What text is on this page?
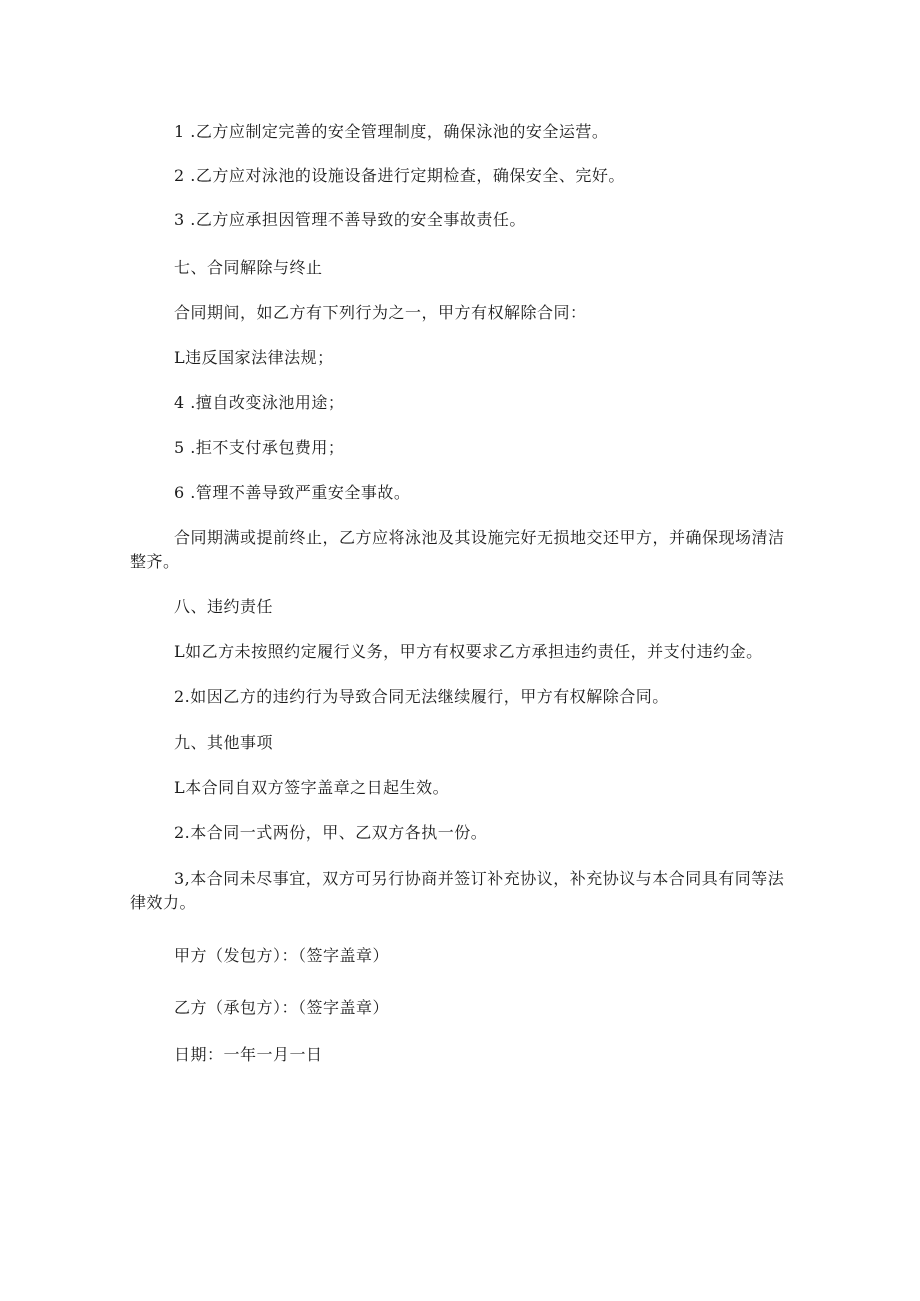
1 .乙方应制定完善的安全管理制度，确保泳池的安全运营。
2 .乙方应对泳池的设施设备进行定期检查，确保安全、完好。
3 .乙方应承担因管理不善导致的安全事故责任。
七、合同解除与终止
合同期间，如乙方有下列行为之一，甲方有权解除合同：
L违反国家法律法规；
4 .擅自改变泳池用途；
5 .拒不支付承包费用；
6 .管理不善导致严重安全事故。
合同期满或提前终止，乙方应将泳池及其设施完好无损地交还甲方，并确保现场清洁整齐。
八、违约责任
L如乙方未按照约定履行义务，甲方有权要求乙方承担违约责任，并支付违约金。
2.如因乙方的违约行为导致合同无法继续履行，甲方有权解除合同。
九、其他事项
L本合同自双方签字盖章之日起生效。
2.本合同一式两份，甲、乙双方各执一份。
3,本合同未尽事宜，双方可另行协商并签订补充协议，补充协议与本合同具有同等法律效力。
甲方（发包方）：（签字盖章）
乙方（承包方）：（签字盖章）
日期：一年一月一日
